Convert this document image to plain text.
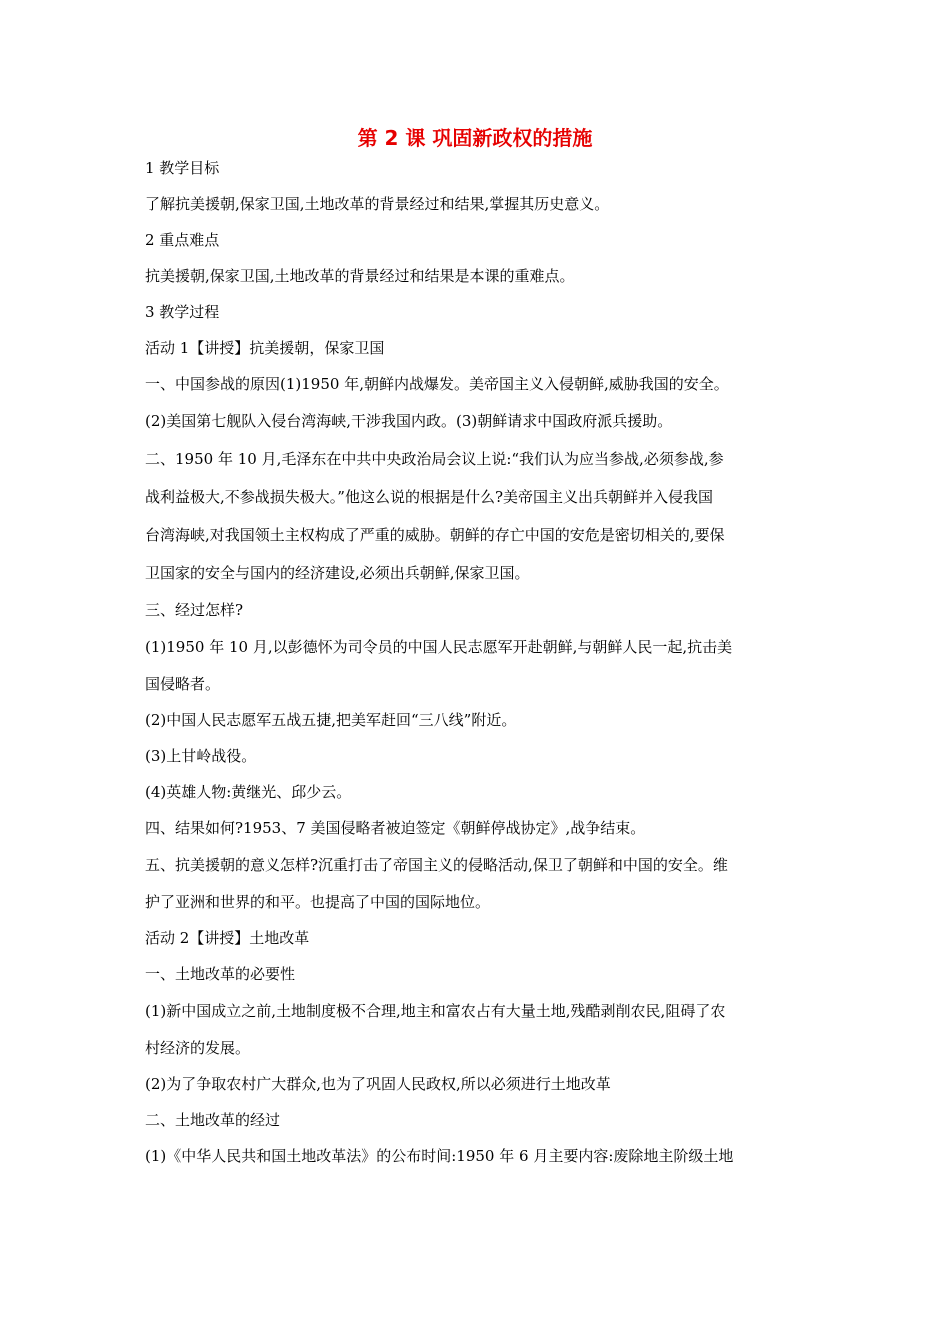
第 2 课 巩固新政权的措施
1 教学目标
了解抗美援朝,保家卫国,土地改革的背景经过和结果,掌握其历史意义。
2 重点难点
抗美援朝,保家卫国,土地改革的背景经过和结果是本课的重难点。
3 教学过程
活动 1【讲授】抗美援朝，保家卫国
一、中国参战的原因(1)1950 年,朝鲜内战爆发。美帝国主义入侵朝鲜,威胁我国的安全。
(2)美国第七舰队入侵台湾海峡,干涉我国内政。(3)朝鲜请求中国政府派兵援助。
二、1950 年 10 月,毛泽东在中共中央政治局会议上说:“我们认为应当参战,必须参战,参
战利益极大,不参战损失极大。”他这么说的根据是什么?美帝国主义出兵朝鲜并入侵我国
台湾海峡,对我国领土主权构成了严重的威胁。朝鲜的存亡中国的安危是密切相关的,要保
卫国家的安全与国内的经济建设,必须出兵朝鲜,保家卫国。
三、经过怎样?
(1)1950 年 10 月,以彭德怀为司令员的中国人民志愿军开赴朝鲜,与朝鲜人民一起,抗击美
国侵略者。
(2)中国人民志愿军五战五捷,把美军赶回“三八线”附近。
(3)上甘岭战役。
(4)英雄人物:黄继光、邱少云。
四、结果如何?1953、7 美国侵略者被迫签定《朝鲜停战协定》,战争结束。
五、抗美援朝的意义怎样?沉重打击了帝国主义的侵略活动,保卫了朝鲜和中国的安全。维
护了亚洲和世界的和平。也提高了中国的国际地位。
活动 2【讲授】土地改革
一、土地改革的必要性
(1)新中国成立之前,土地制度极不合理,地主和富农占有大量土地,残酷剥削农民,阻碍了农
村经济的发展。
(2)为了争取农村广大群众,也为了巩固人民政权,所以必须进行土地改革
二、土地改革的经过
(1)《中华人民共和国土地改革法》的公布时间:1950 年 6 月主要内容:废除地主阶级土地
